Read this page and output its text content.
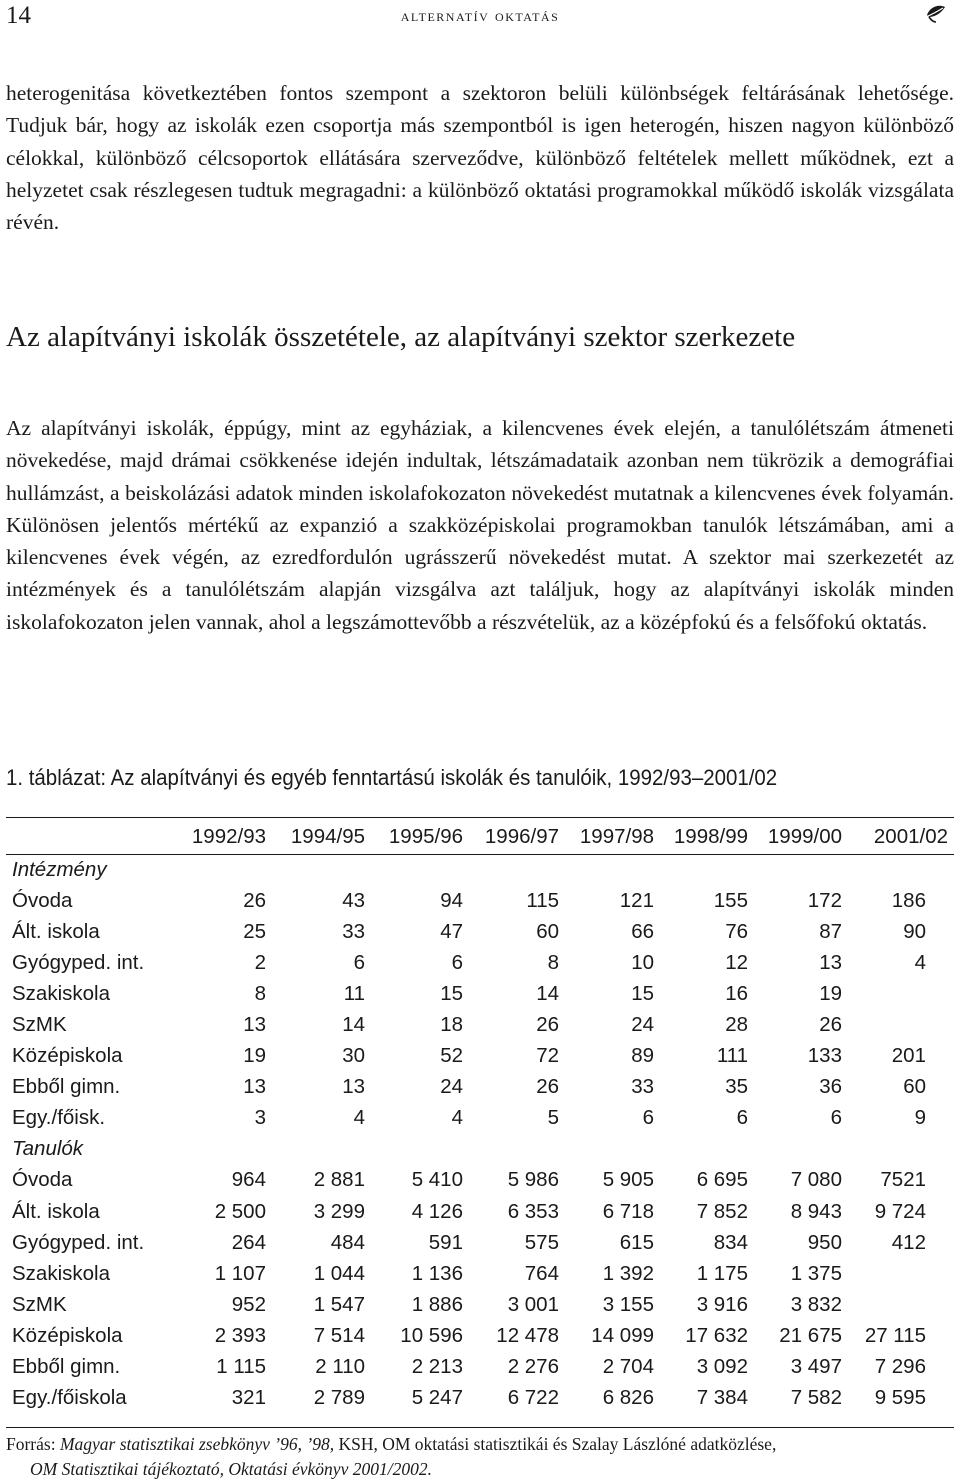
14	alternatív oktatás

heterogenitása következtében fontos szempont a szektoron belüli különbségek feltárásának lehetősége. Tudjuk bár, hogy az iskolák ezen csoportja más szempontból is igen heterogén, hiszen nagyon különböző célokkal, különböző célcsoportok ellátására szerveződve, különböző feltételek mellett működnek, ezt a helyzetet csak részlegesen tudtuk megragadni: a különböző oktatási programokkal működő iskolák vizsgálata révén.

Az alapítványi iskolák összetétele, az alapítványi szektor szerkezete

Az alapítványi iskolák, éppúgy, mint az egyháziak, a kilencvenes évek elején, a tanulólétszám átmeneti növekedése, majd drámai csökkenése idején indultak, létszámadataik azonban nem tükrözik a demográfiai hullámzást, a beiskolázási adatok minden iskolafokozaton növekedést mutatnak a kilencvenes évek folyamán. Különösen jelentős mértékű az expanzió a szakközépiskolai programokban tanulók létszámában, ami a kilencvenes évek végén, az ezredfordulón ugrásszerű növekedést mutat. A szektor mai szerkezetét az intézmények és a tanulólétszám alapján vizsgálva azt találjuk, hogy az alapítványi iskolák minden iskolafokozaton jelen vannak, ahol a legszámottevőbb a részvételük, az a középfokú és a felsőfokú oktatás.

1. táblázat: Az alapítványi és egyéb fenntartású iskolák és tanulóik, 1992/93–2001/02

	1992/93	1994/95	1995/96	1996/97	1997/98	1998/99	1999/00	2001/02
Intézmény								
Óvoda	26	43	94	115	121	155	172	186
Ált. iskola	25	33	47	60	66	76	87	90
Gyógyped. int.	2	6	6	8	10	12	13	4
Szakiskola	8	11	15	14	15	16	19	
SzMK	13	14	18	26	24	28	26	
Középiskola	19	30	52	72	89	111	133	201
Ebből gimn.	13	13	24	26	33	35	36	60
Egy./főisk.	3	4	4	5	6	6	6	9
Tanulók								
Óvoda	964	2 881	5 410	5 986	5 905	6 695	7 080	7521
Ált. iskola	2 500	3 299	4 126	6 353	6 718	7 852	8 943	9 724
Gyógyped. int.	264	484	591	575	615	834	950	412
Szakiskola	1 107	1 044	1 136	764	1 392	1 175	1 375	
SzMK	952	1 547	1 886	3 001	3 155	3 916	3 832	
Középiskola	2 393	7 514	10 596	12 478	14 099	17 632	21 675	27 115
Ebből gimn.	1 115	2 110	2 213	2 276	2 704	3 092	3 497	7 296
Egy./főiskola	321	2 789	5 247	6 722	6 826	7 384	7 582	9 595

Forrás: Magyar statisztikai zsebkönyv ’96, ’98, KSH, OM oktatási statisztikái és Szalay Lászlóné adatközlése,
OM Statisztikai tájékoztató, Oktatási évkönyv 2001/2002.
